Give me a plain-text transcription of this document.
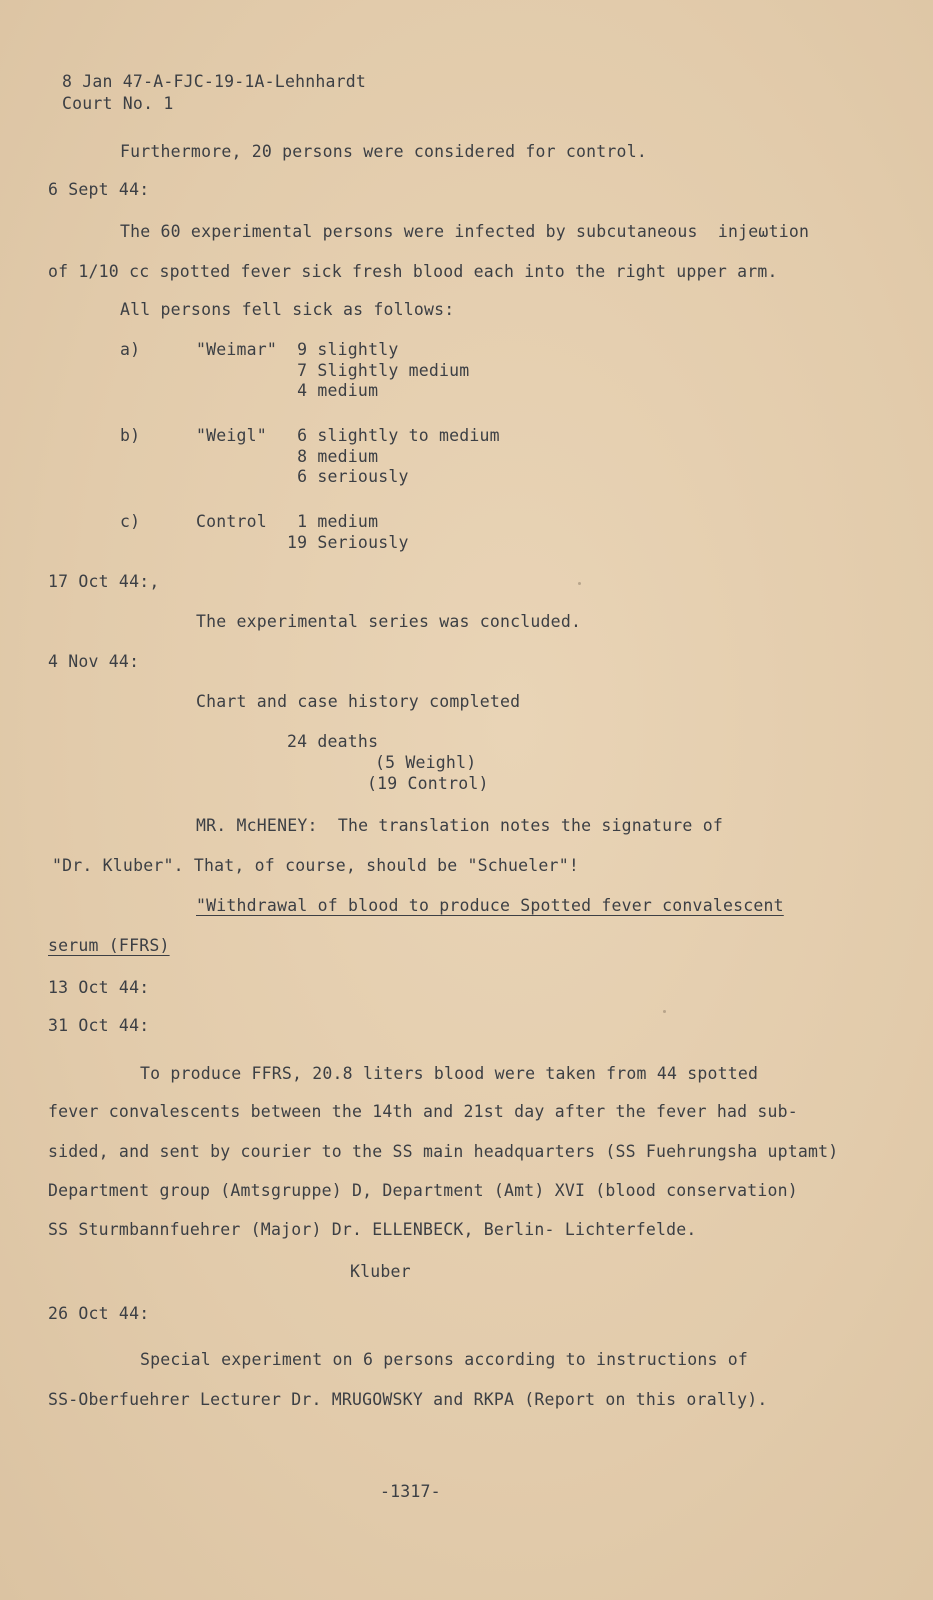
8 Jan 47-A-FJC-19-1A-Lehnhardt
Court No. 1
Furthermore, 20 persons were considered for control.
6 Sept 44:
The 60 experimental persons were infected by subcutaneous  injeωtion
of 1/10 cc spotted fever sick fresh blood each into the right upper arm.
All persons fell sick as follows:
a)	"Weimar" 9 slightly
7 Slightly medium
4 medium
b)	"Weigl" 6 slightly to medium
8 medium
6 seriously
c)	Control 1 medium
19 Seriously
17 Oct 44:,
The experimental series was concluded.
4 Nov 44:
Chart and case history completed
24 deaths
(5 Weighl)
(19 Control)
MR. McHENEY:  The translation notes the signature of
"Dr. Kluber". That, of course, should be "Schueler"!
"Withdrawal of blood to produce Spotted fever convalescent
serum (FFRS)
13 Oct 44:
31 Oct 44:
To produce FFRS, 20.8 liters blood were taken from 44 spotted
fever convalescents between the 14th and 21st day after the fever had sub-
sided, and sent by courier to the SS main headquarters (SS Fuehrungsha uptamt)
Department group (Amtsgruppe) D, Department (Amt) XVI (blood conservation)
SS Sturmbannfuehrer (Major) Dr. ELLENBECK, Berlin- Lichterfelde.
Kluber
26 Oct 44:
Special experiment on 6 persons according to instructions of
SS-Oberfuehrer Lecturer Dr. MRUGOWSKY and RKPA (Report on this orally).
-1317-
